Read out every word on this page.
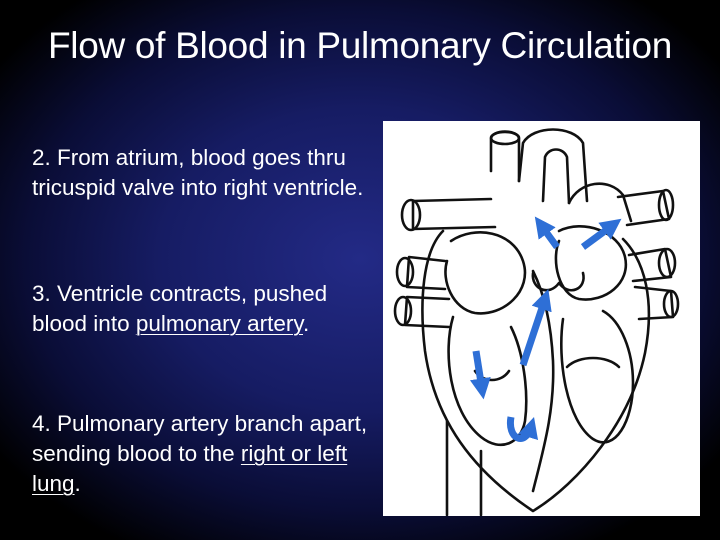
Flow of Blood in Pulmonary Circulation
2. From atrium, blood goes thru tricuspid valve into right ventricle.
3. Ventricle contracts, pushed blood into pulmonary artery.
4. Pulmonary artery branch apart, sending blood to the right or left lung.
